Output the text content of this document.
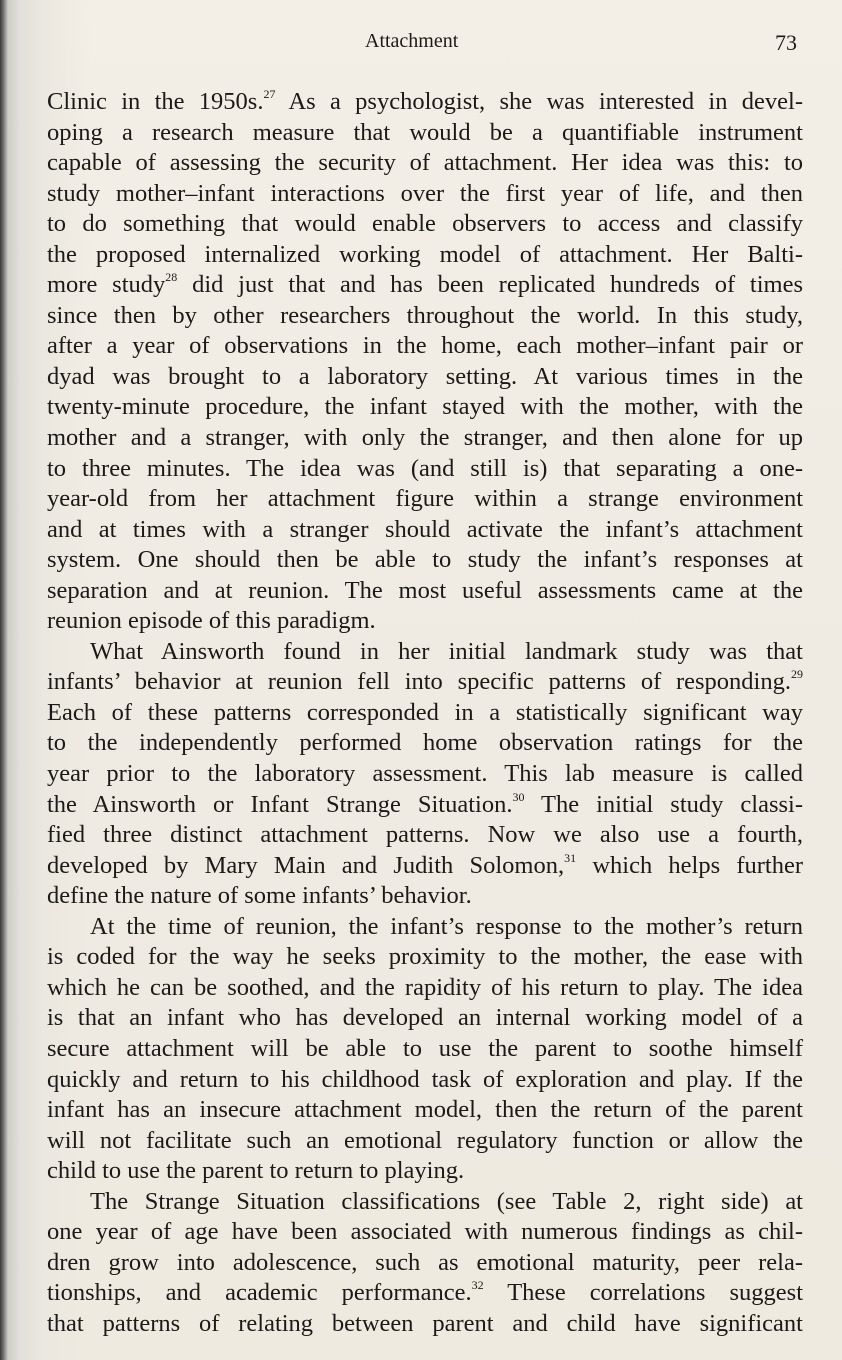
Attachment	73
Clinic in the 1950s.$^{27}$ As a psychologist, she was interested in devel-
oping a research measure that would be a quantifiable instrument
capable of assessing the security of attachment. Her idea was this: to
study mother–infant interactions over the first year of life, and then
to do something that would enable observers to access and classify
the proposed internalized working model of attachment. Her Balti-
more study$^{28}$ did just that and has been replicated hundreds of times
since then by other researchers throughout the world. In this study,
after a year of observations in the home, each mother–infant pair or
dyad was brought to a laboratory setting. At various times in the
twenty-minute procedure, the infant stayed with the mother, with the
mother and a stranger, with only the stranger, and then alone for up
to three minutes. The idea was (and still is) that separating a one-
year-old from her attachment figure within a strange environment
and at times with a stranger should activate the infant’s attachment
system. One should then be able to study the infant’s responses at
separation and at reunion. The most useful assessments came at the
reunion episode of this paradigm.
What Ainsworth found in her initial landmark study was that
infants’ behavior at reunion fell into specific patterns of responding.$^{29}$
Each of these patterns corresponded in a statistically significant way
to the independently performed home observation ratings for the
year prior to the laboratory assessment. This lab measure is called
the Ainsworth or Infant Strange Situation.$^{30}$ The initial study classi-
fied three distinct attachment patterns. Now we also use a fourth,
developed by Mary Main and Judith Solomon,$^{31}$ which helps further
define the nature of some infants’ behavior.
At the time of reunion, the infant’s response to the mother’s return
is coded for the way he seeks proximity to the mother, the ease with
which he can be soothed, and the rapidity of his return to play. The idea
is that an infant who has developed an internal working model of a
secure attachment will be able to use the parent to soothe himself
quickly and return to his childhood task of exploration and play. If the
infant has an insecure attachment model, then the return of the parent
will not facilitate such an emotional regulatory function or allow the
child to use the parent to return to playing.
The Strange Situation classifications (see Table 2, right side) at
one year of age have been associated with numerous findings as chil-
dren grow into adolescence, such as emotional maturity, peer rela-
tionships, and academic performance.$^{32}$ These correlations suggest
that patterns of relating between parent and child have significant
